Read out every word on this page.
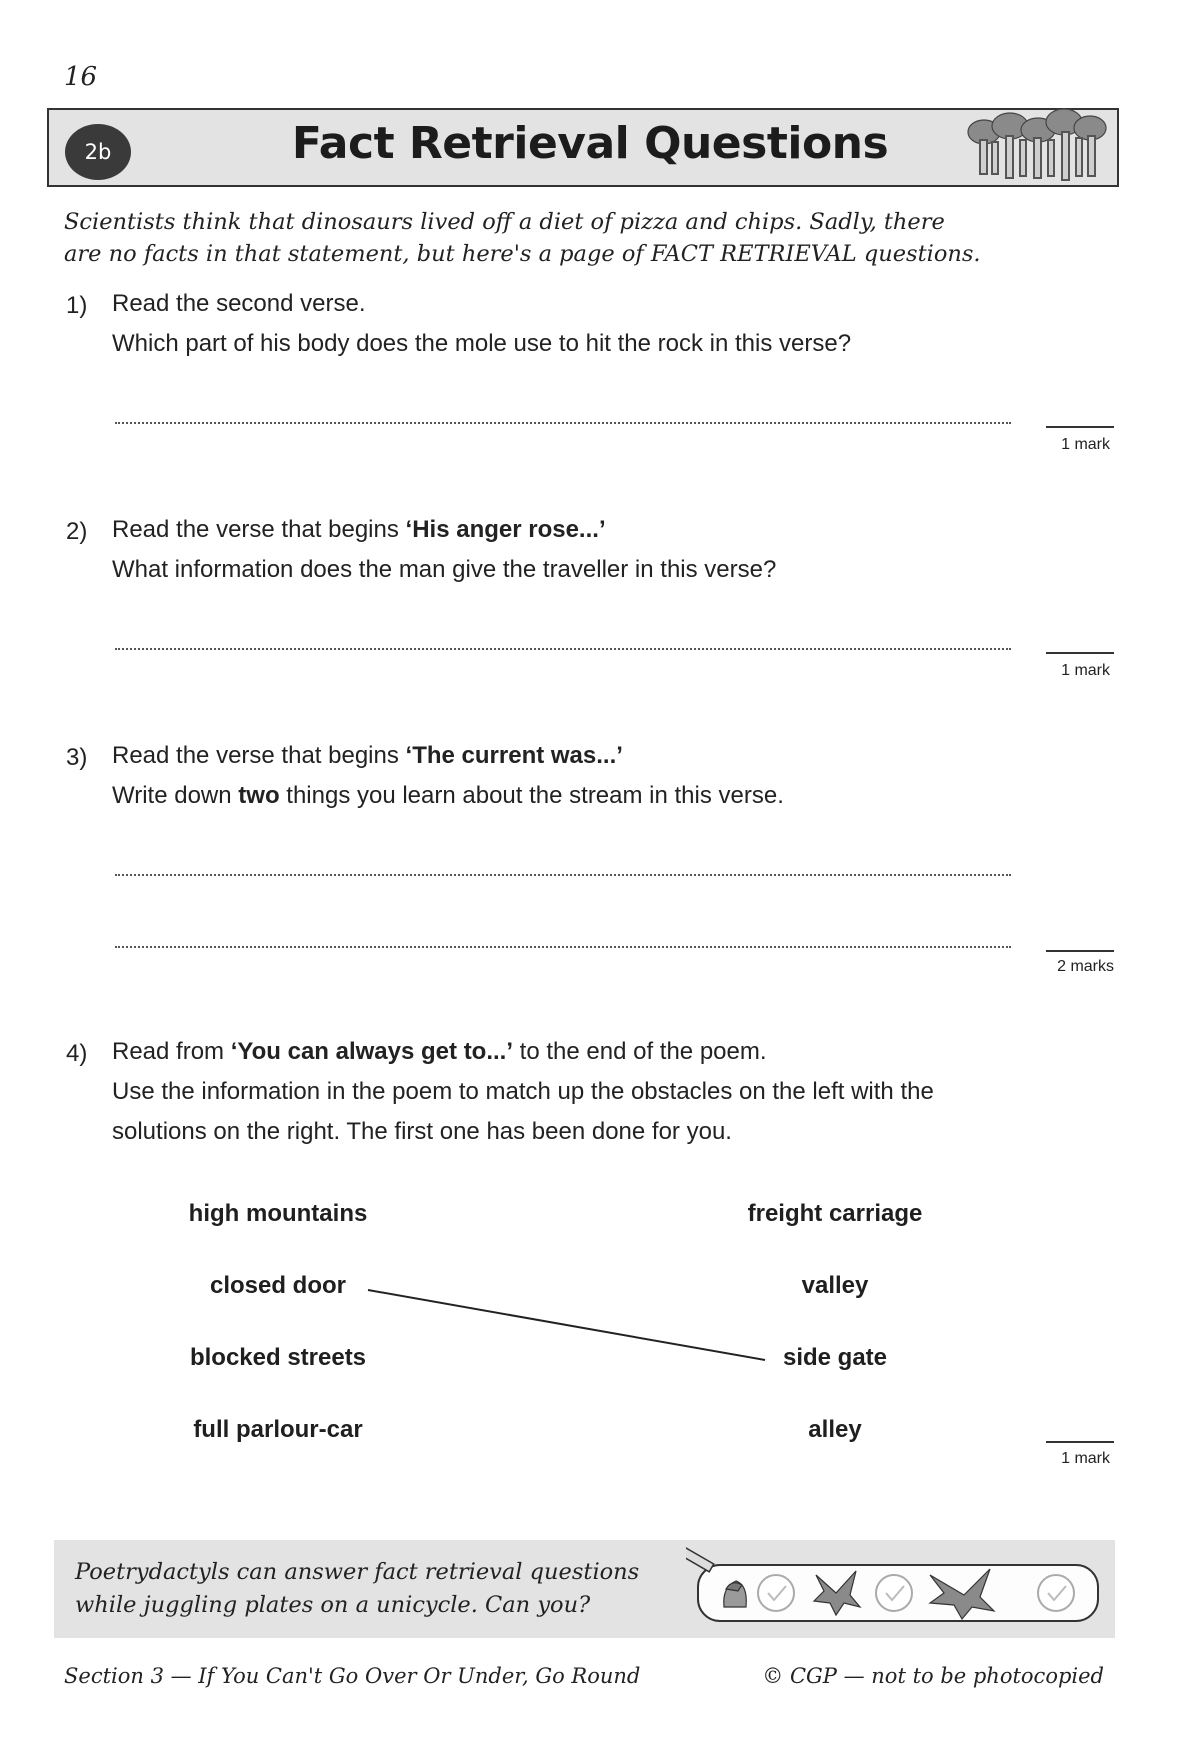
16
2b	Fact Retrieval Questions
Scientists think that dinosaurs lived off a diet of pizza and chips. Sadly, there
are no facts in that statement, but here's a page of FACT RETRIEVAL questions.
1) Read the second verse.
Which part of his body does the mole use to hit the rock in this verse?
1 mark
2) Read the verse that begins ‘His anger rose...’
What information does the man give the traveller in this verse?
1 mark
3) Read the verse that begins ‘The current was...’
Write down two things you learn about the stream in this verse.
2 marks
4) Read from ‘You can always get to...’ to the end of the poem.
Use the information in the poem to match up the obstacles on the left with the
solutions on the right. The first one has been done for you.
high mountains
closed door
blocked streets
full parlour-car
freight carriage
valley
side gate
alley
1 mark
Poetrydactyls can answer fact retrieval questions
while juggling plates on a unicycle. Can you?
Section 3 — If You Can't Go Over Or Under, Go Round	© CGP — not to be photocopied
